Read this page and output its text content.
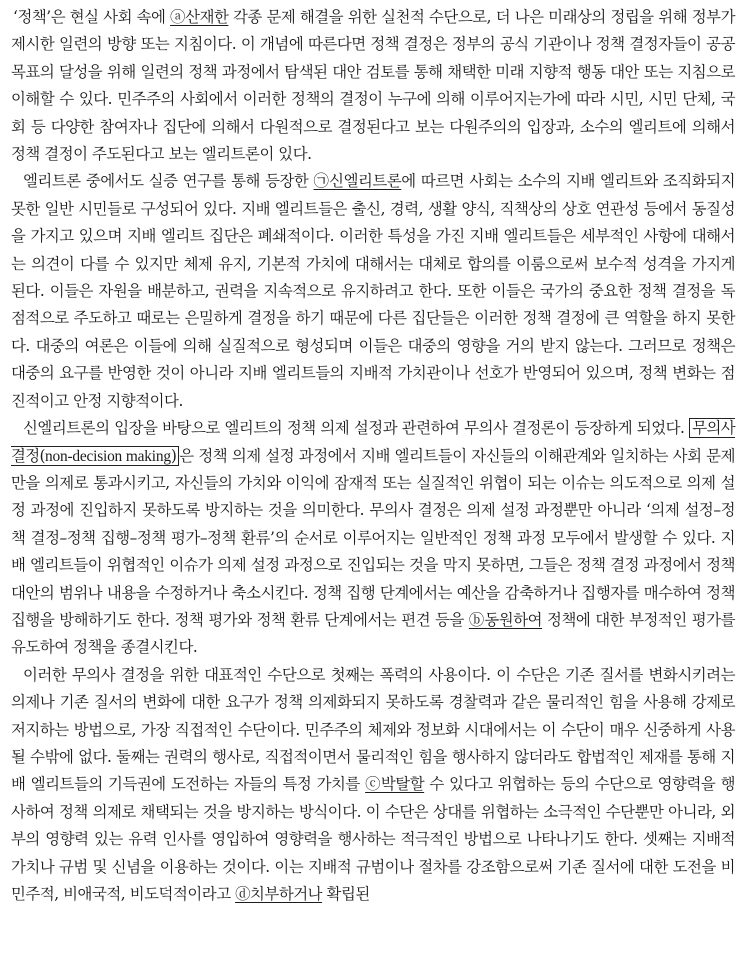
‘정책’은 현실 사회 속에 ⓐ산재한 각종 문제 해결을 위한 실천적 수단으로, 더 나은 미래상의 정립을 위해 정부가 제시한 일련의 방향 또는 지침이다. 이 개념에 따른다면 정책 결정은 정부의 공식 기관이나 정책 결정자들이 공공 목표의 달성을 위해 일련의 정책 과정에서 탐색된 대안 검토를 통해 채택한 미래 지향적 행동 대안 또는 지침으로 이해할 수 있다. 민주주의 사회에서 이러한 정책의 결정이 누구에 의해 이루어지는가에 따라 시민, 시민 단체, 국회 등 다양한 참여자나 집단에 의해서 다원적으로 결정된다고 보는 다원주의의 입장과, 소수의 엘리트에 의해서 정책 결정이 주도된다고 보는 엘리트론이 있다.

엘리트론 중에서도 실증 연구를 통해 등장한 ㉠신엘리트론에 따르면 사회는 소수의 지배 엘리트와 조직화되지 못한 일반 시민들로 구성되어 있다. 지배 엘리트들은 출신, 경력, 생활 양식, 직책상의 상호 연관성 등에서 동질성을 가지고 있으며 지배 엘리트 집단은 폐쇄적이다. 이러한 특성을 가진 지배 엘리트들은 세부적인 사항에 대해서는 의견이 다를 수 있지만 체제 유지, 기본적 가치에 대해서는 대체로 합의를 이룸으로써 보수적 성격을 가지게 된다. 이들은 자원을 배분하고, 권력을 지속적으로 유지하려고 한다. 또한 이들은 국가의 중요한 정책 결정을 독점적으로 주도하고 때로는 은밀하게 결정을 하기 때문에 다른 집단들은 이러한 정책 결정에 큰 역할을 하지 못한다. 대중의 여론은 이들에 의해 실질적으로 형성되며 이들은 대중의 영향을 거의 받지 않는다. 그러므로 정책은 대중의 요구를 반영한 것이 아니라 지배 엘리트들의 지배적 가치관이나 선호가 반영되어 있으며, 정책 변화는 점진적이고 안정 지향적이다.

신엘리트론의 입장을 바탕으로 엘리트의 정책 의제 설정과 관련하여 무의사 결정론이 등장하게 되었다. 무의사 결정(non-decision making) 은 정책 의제 설정 과정에서 지배 엘리트들이 자신들의 이해관계와 일치하는 사회 문제만을 의제로 통과시키고, 자신들의 가치와 이익에 잠재적 또는 실질적인 위협이 되는 이슈는 의도적으로 의제 설정 과정에 진입하지 못하도록 방지하는 것을 의미한다. 무의사 결정은 의제 설정 과정뿐만 아니라 ‘의제 설정–정책 결정–정책 집행–정책 평가–정책 환류’의 순서로 이루어지는 일반적인 정책 과정 모두에서 발생할 수 있다. 지배 엘리트들이 위협적인 이슈가 의제 설정 과정으로 진입되는 것을 막지 못하면, 그들은 정책 결정 과정에서 정책 대안의 범위나 내용을 수정하거나 축소시킨다. 정책 집행 단계에서는 예산을 감축하거나 집행자를 매수하여 정책 집행을 방해하기도 한다. 정책 평가와 정책 환류 단계에서는 편견 등을 ⓑ동원하여 정책에 대한 부정적인 평가를 유도하여 정책을 종결시킨다.

이러한 무의사 결정을 위한 대표적인 수단으로 첫째는 폭력의 사용이다. 이 수단은 기존 질서를 변화시키려는 의제나 기존 질서의 변화에 대한 요구가 정책 의제화되지 못하도록 경찰력과 같은 물리적인 힘을 사용해 강제로 저지하는 방법으로, 가장 직접적인 수단이다. 민주주의 체제와 정보화 시대에서는 이 수단이 매우 신중하게 사용될 수밖에 없다. 둘째는 권력의 행사로, 직접적이면서 물리적인 힘을 행사하지 않더라도 합법적인 제재를 통해 지배 엘리트들의 기득권에 도전하는 자들의 특정 가치를 ⓒ박탈할 수 있다고 위협하는 등의 수단으로 영향력을 행사하여 정책 의제로 채택되는 것을 방지하는 방식이다. 이 수단은 상대를 위협하는 소극적인 수단뿐만 아니라, 외부의 영향력 있는 유력 인사를 영입하여 영향력을 행사하는 적극적인 방법으로 나타나기도 한다. 셋째는 지배적 가치나 규범 및 신념을 이용하는 것이다. 이는 지배적 규범이나 절차를 강조함으로써 기존 질서에 대한 도전을 비민주적, 비애국적, 비도덕적이라고 ⓓ치부하거나 확립된
